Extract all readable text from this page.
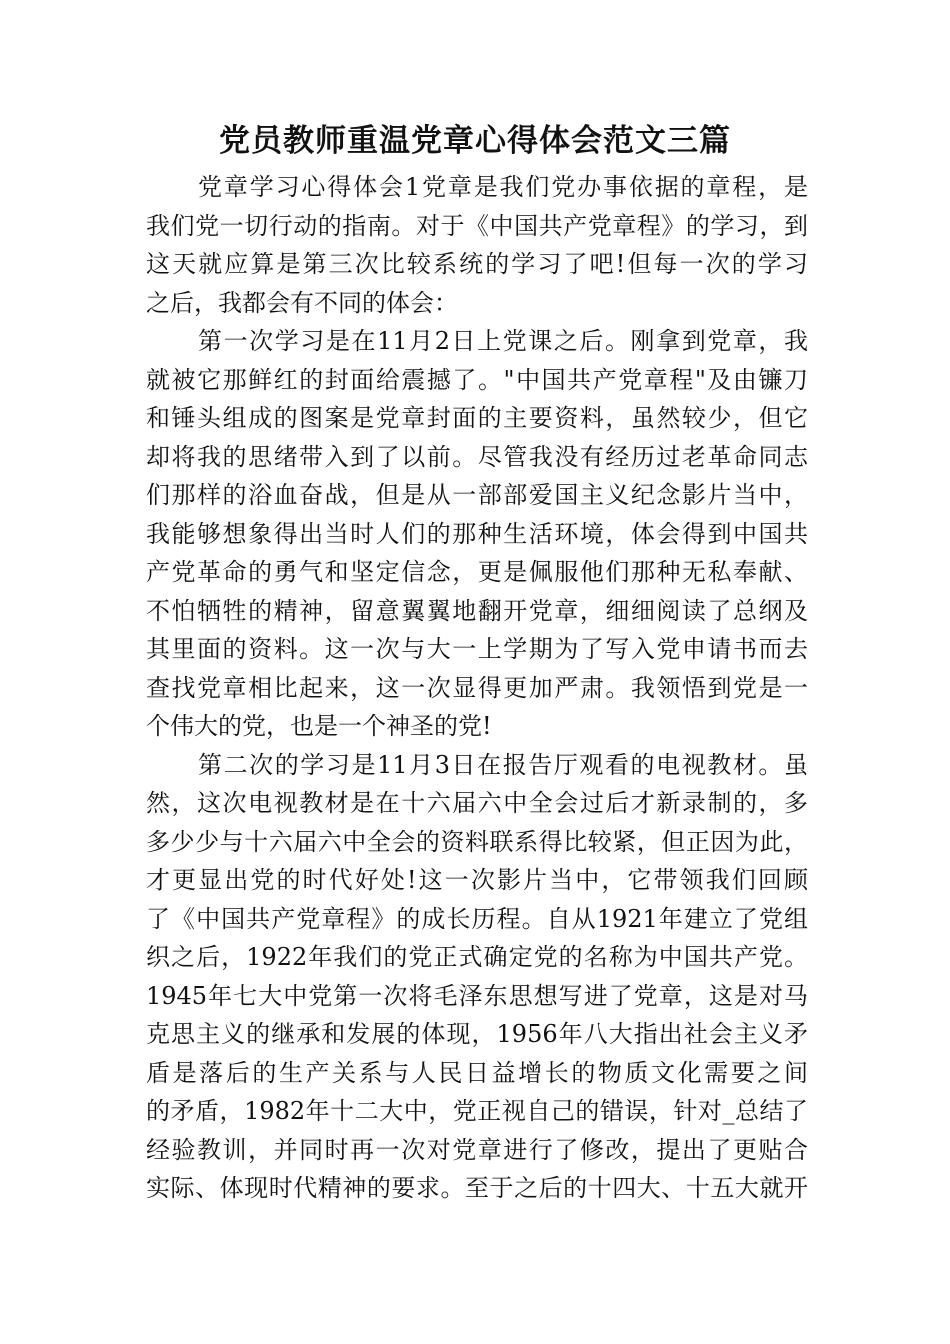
党员教师重温党章心得体会范文三篇
党章学习心得体会1党章是我们党办事依据的章程，是
我们党一切行动的指南。对于《中国共产党章程》的学习，到
这天就应算是第三次比较系统的学习了吧!但每一次的学习
之后，我都会有不同的体会：
第一次学习是在11月2日上党课之后。刚拿到党章，我
就被它那鲜红的封面给震撼了。"中国共产党章程"及由镰刀
和锤头组成的图案是党章封面的主要资料，虽然较少，但它
却将我的思绪带入到了以前。尽管我没有经历过老革命同志
们那样的浴血奋战，但是从一部部爱国主义纪念影片当中，
我能够想象得出当时人们的那种生活环境，体会得到中国共
产党革命的勇气和坚定信念，更是佩服他们那种无私奉献、
不怕牺牲的精神，留意翼翼地翻开党章，细细阅读了总纲及
其里面的资料。这一次与大一上学期为了写入党申请书而去
查找党章相比起来，这一次显得更加严肃。我领悟到党是一
个伟大的党，也是一个神圣的党!
第二次的学习是11月3日在报告厅观看的电视教材。虽
然，这次电视教材是在十六届六中全会过后才新录制的，多
多少少与十六届六中全会的资料联系得比较紧，但正因为此，
才更显出党的时代好处!这一次影片当中，它带领我们回顾
了《中国共产党章程》的成长历程。自从1921年建立了党组
织之后，1922年我们的党正式确定党的名称为中国共产党。
1945年七大中党第一次将毛泽东思想写进了党章，这是对马
克思主义的继承和发展的体现，1956年八大指出社会主义矛
盾是落后的生产关系与人民日益增长的物质文化需要之间
的矛盾，1982年十二大中，党正视自己的错误，针对_总结了
经验教训，并同时再一次对党章进行了修改，提出了更贴合
实际、体现时代精神的要求。至于之后的十四大、十五大就开
